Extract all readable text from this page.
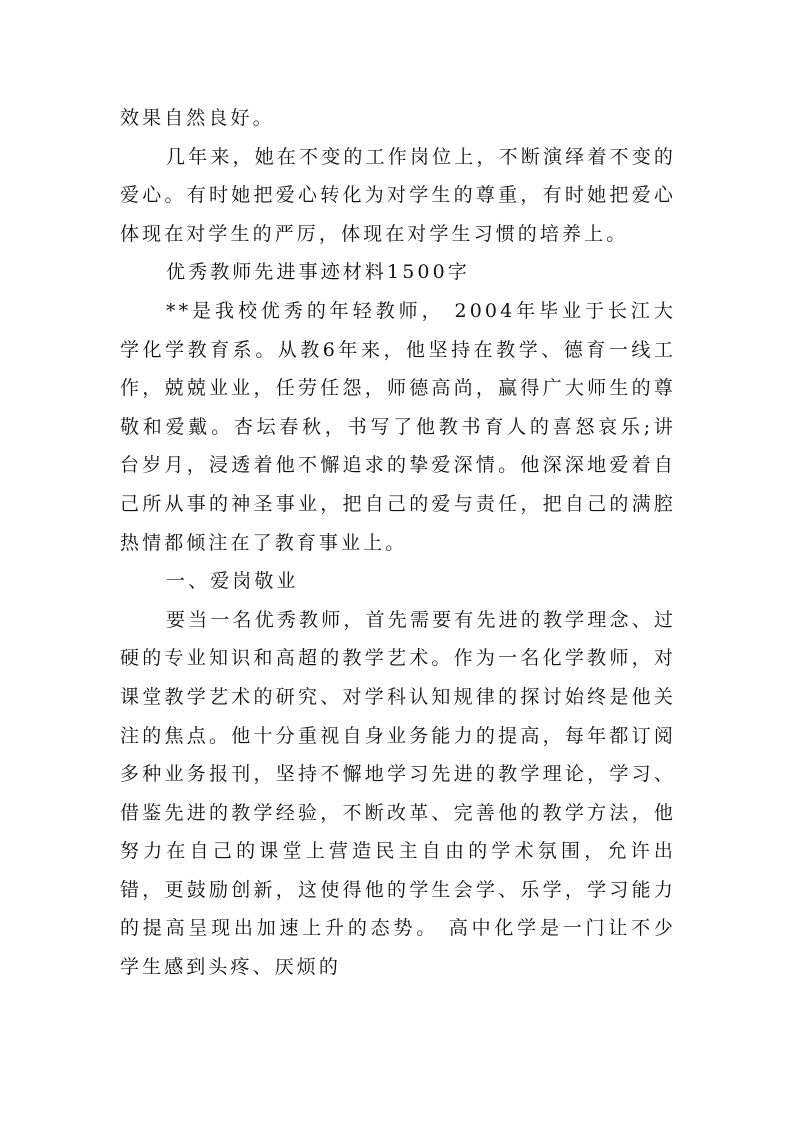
效果自然良好。

几年来，她在不变的工作岗位上，不断演绎着不变的爱心。有时她把爱心转化为对学生的尊重，有时她把爱心体现在对学生的严厉，体现在对学生习惯的培养上。

优秀教师先进事迹材料1500字

**是我校优秀的年轻教师， 2004年毕业于长江大学化学教育系。从教6年来，他坚持在教学、德育一线工作，兢兢业业，任劳任怨，师德高尚，赢得广大师生的尊敬和爱戴。杏坛春秋，书写了他教书育人的喜怒哀乐;讲台岁月，浸透着他不懈追求的挚爱深情。他深深地爱着自己所从事的神圣事业，把自己的爱与责任，把自己的满腔热情都倾注在了教育事业上。

一、爱岗敬业

要当一名优秀教师，首先需要有先进的教学理念、过硬的专业知识和高超的教学艺术。作为一名化学教师，对课堂教学艺术的研究、对学科认知规律的探讨始终是他关注的焦点。他十分重视自身业务能力的提高，每年都订阅多种业务报刊，坚持不懈地学习先进的教学理论，学习、借鉴先进的教学经验，不断改革、完善他的教学方法，他努力在自己的课堂上营造民主自由的学术氛围，允许出错，更鼓励创新，这使得他的学生会学、乐学，学习能力的提高呈现出加速上升的态势。 高中化学是一门让不少学生感到头疼、厌烦的
